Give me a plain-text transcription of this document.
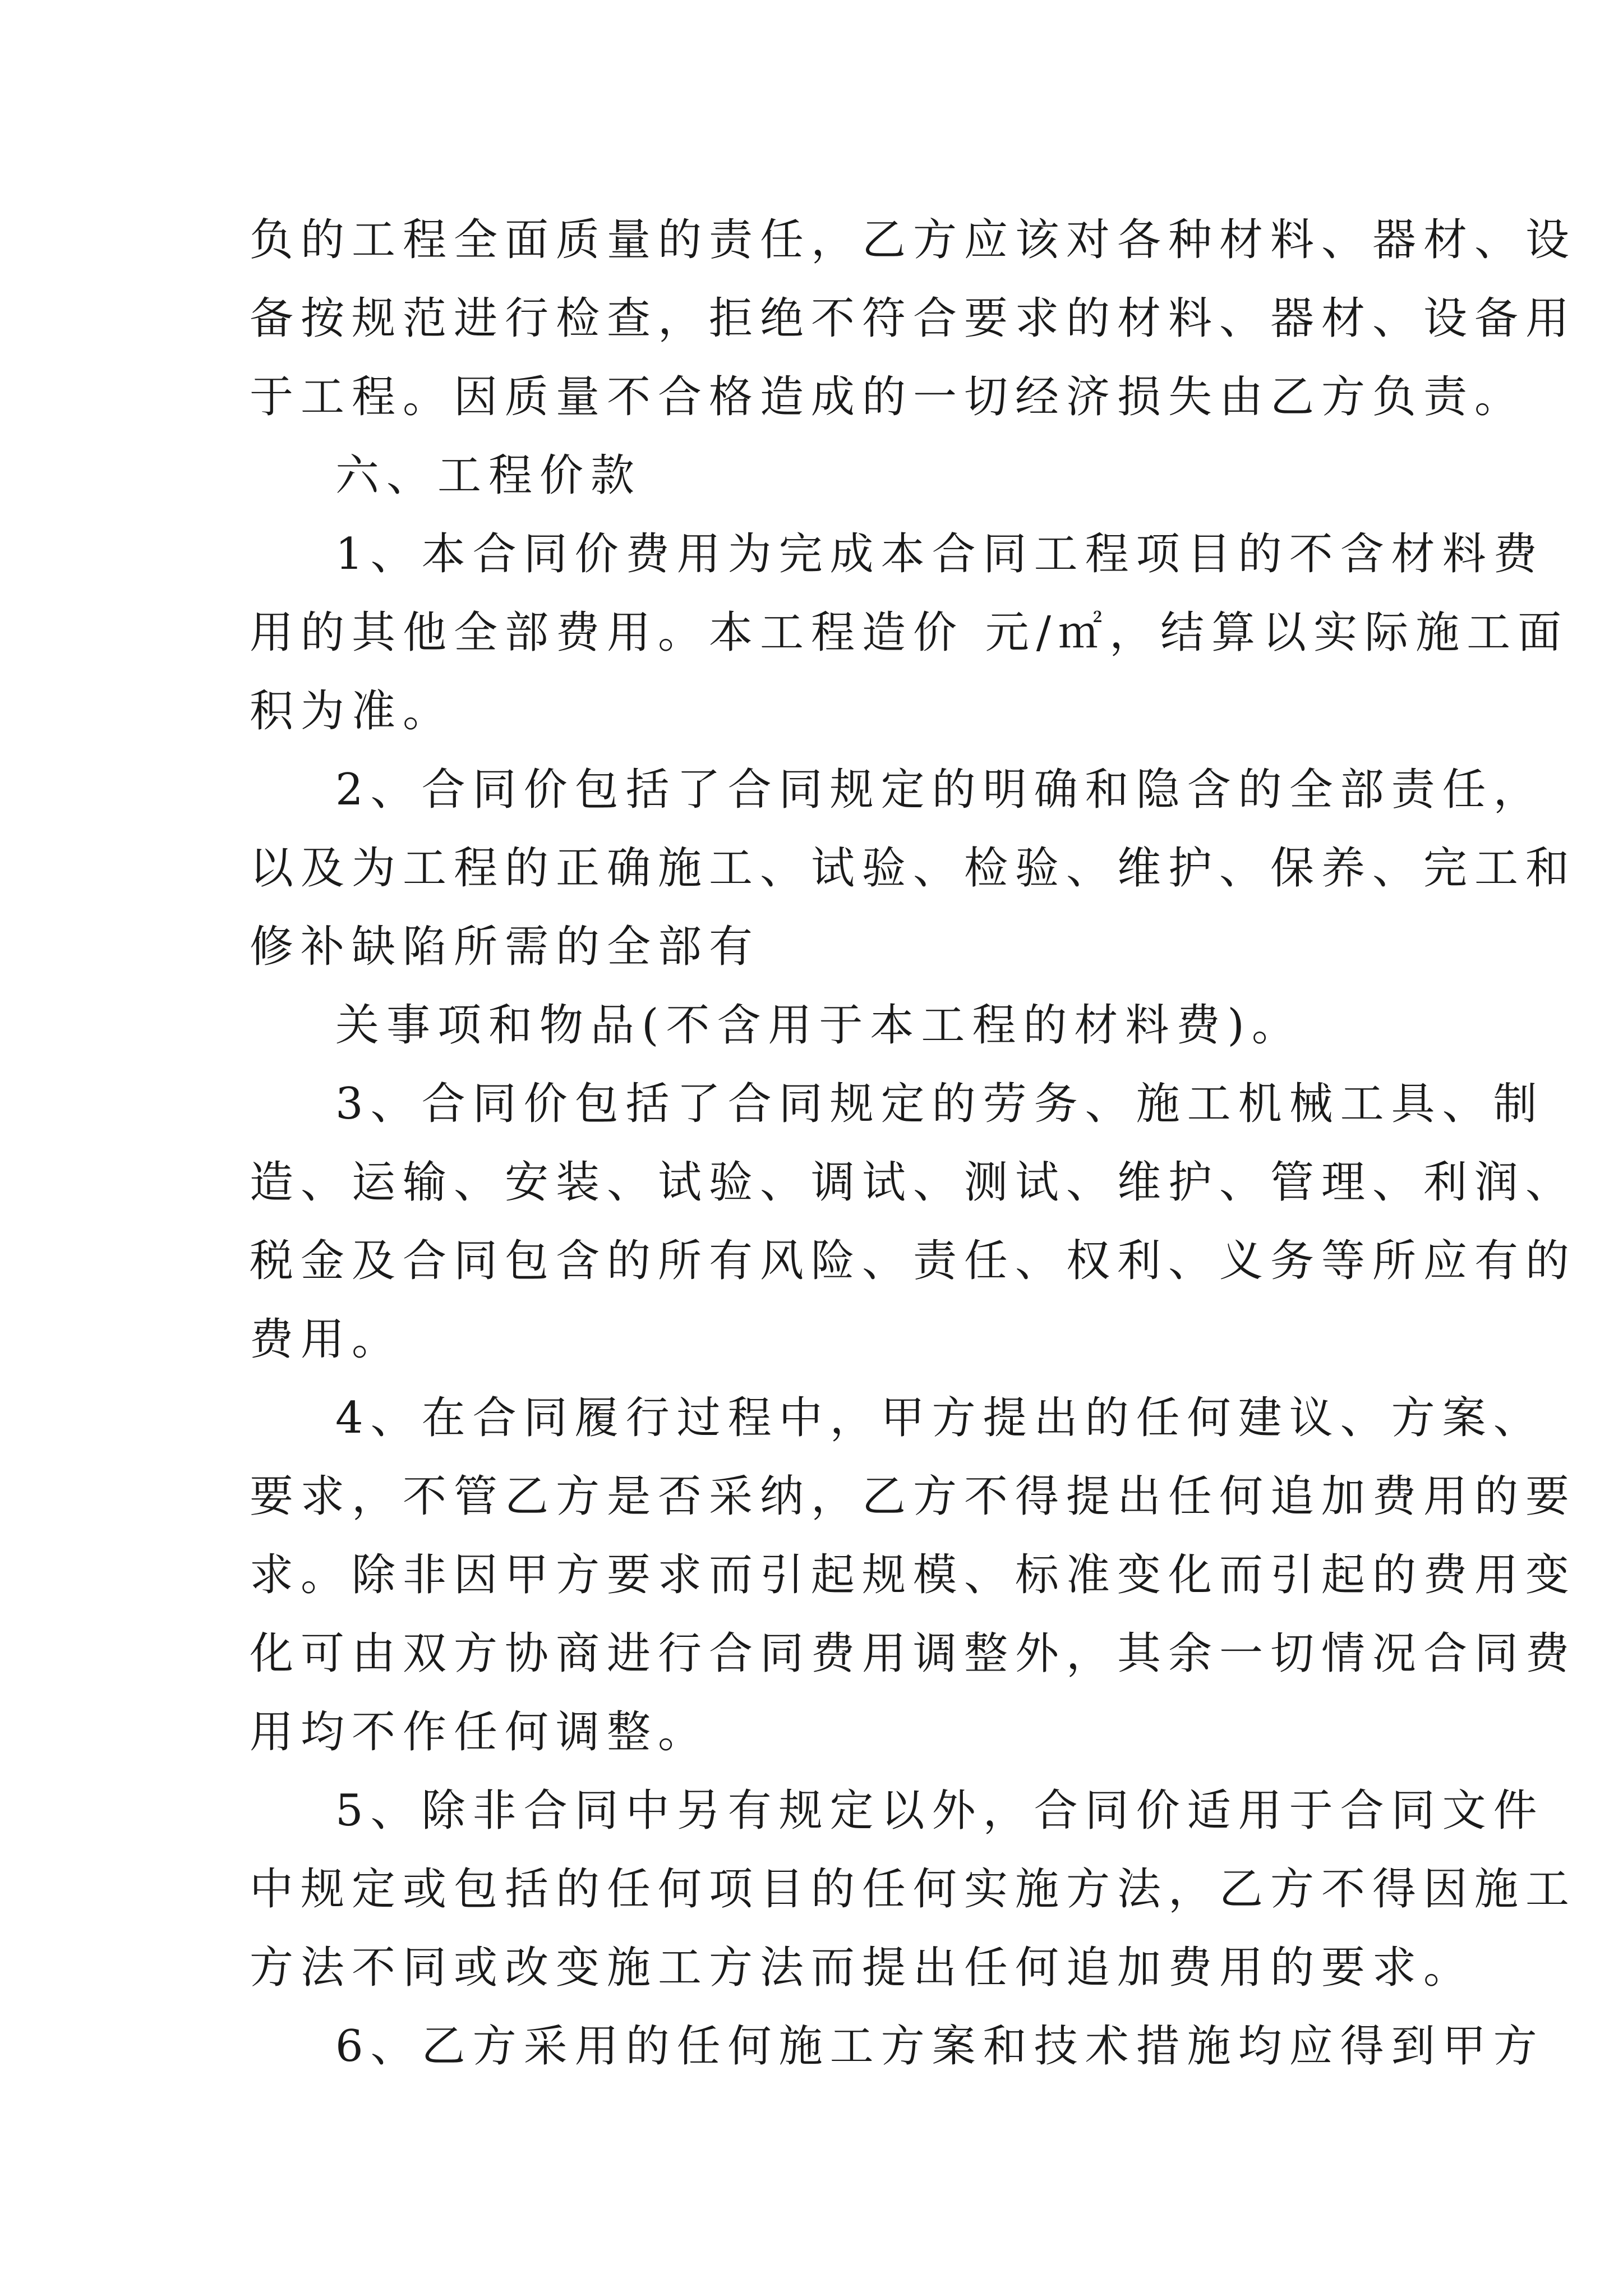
负的工程全面质量的责任，乙方应该对各种材料、器材、设
备按规范进行检查，拒绝不符合要求的材料、器材、设备用
于工程。因质量不合格造成的一切经济损失由乙方负责。
六、工程价款
1、本合同价费用为完成本合同工程项目的不含材料费
用的其他全部费用。本工程造价 元/㎡，结算以实际施工面
积为准。
2、合同价包括了合同规定的明确和隐含的全部责任，
以及为工程的正确施工、试验、检验、维护、保养、完工和
修补缺陷所需的全部有
关事项和物品(不含用于本工程的材料费)。
3、合同价包括了合同规定的劳务、施工机械工具、制
造、运输、安装、试验、调试、测试、维护、管理、利润、
税金及合同包含的所有风险、责任、权利、义务等所应有的
费用。
4、在合同履行过程中，甲方提出的任何建议、方案、
要求，不管乙方是否采纳，乙方不得提出任何追加费用的要
求。除非因甲方要求而引起规模、标准变化而引起的费用变
化可由双方协商进行合同费用调整外，其余一切情况合同费
用均不作任何调整。
5、除非合同中另有规定以外，合同价适用于合同文件
中规定或包括的任何项目的任何实施方法，乙方不得因施工
方法不同或改变施工方法而提出任何追加费用的要求。
6、乙方采用的任何施工方案和技术措施均应得到甲方
